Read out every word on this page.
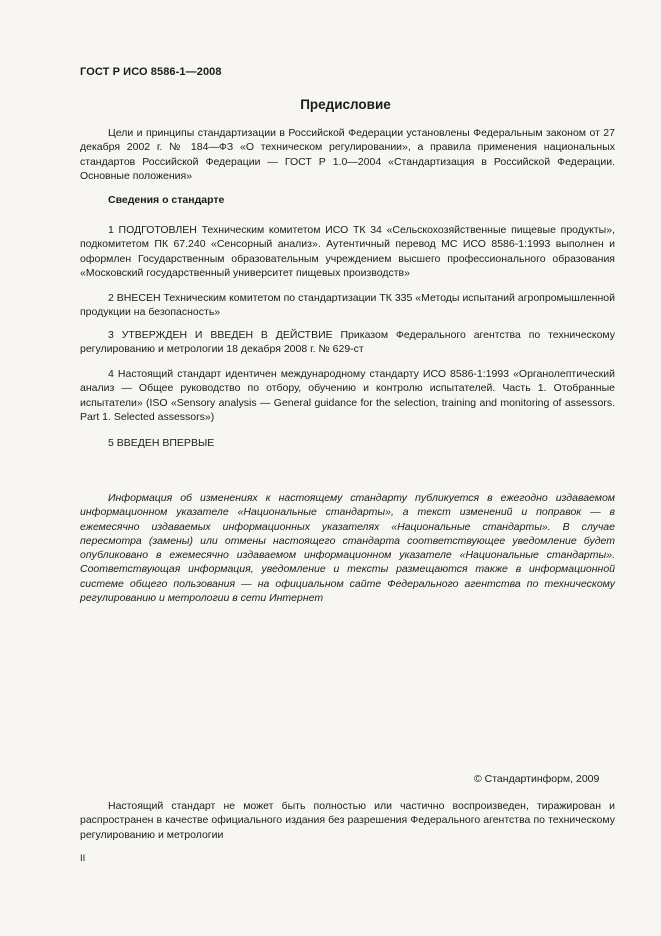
ГОСТ Р ИСО 8586-1—2008
Предисловие

Цели и принципы стандартизации в Российской Федерации установлены Федеральным законом от 27 декабря 2002 г. № 184—ФЗ «О техническом регулировании», а правила применения национальных стандартов Российской Федерации — ГОСТ Р 1.0—2004 «Стандартизация в Российской Федерации. Основные положения»

Сведения о стандарте

1 ПОДГОТОВЛЕН Техническим комитетом ИСО ТК 34 «Сельскохозяйственные пищевые продукты», подкомитетом ПК 67.240 «Сенсорный анализ». Аутентичный перевод МС ИСО 8586-1:1993 выполнен и оформлен Государственным образовательным учреждением высшего профессионального образования «Московский государственный университет пищевых производств»

2 ВНЕСЕН Техническим комитетом по стандартизации ТК 335 «Методы испытаний агропромышленной продукции на безопасность»

3 УТВЕРЖДЕН И ВВЕДЕН В ДЕЙСТВИЕ Приказом Федерального агентства по техническому регулированию и метрологии 18 декабря 2008 г. № 629-ст

4 Настоящий стандарт идентичен международному стандарту ИСО 8586-1:1993 «Органолептический анализ — Общее руководство по отбору, обучению и контролю испытателей. Часть 1. Отобранные испытатели» (ISO «Sensory analysis — General guidance for the selection, training and monitoring of assessors. Part 1. Selected assessors»)

5 ВВЕДЕН ВПЕРВЫЕ

Информация об изменениях к настоящему стандарту публикуется в ежегодно издаваемом информационном указателе «Национальные стандарты», а текст изменений и поправок — в ежемесячно издаваемых информационных указателях «Национальные стандарты». В случае пересмотра (замены) или отмены настоящего стандарта соответствующее уведомление будет опубликовано в ежемесячно издаваемом информационном указателе «Национальные стандарты». Соответствующая информация, уведомление и тексты размещаются также в информационной системе общего пользования — на официальном сайте Федерального агентства по техническому регулированию и метрологии в сети Интернет

© Стандартинформ, 2009

Настоящий стандарт не может быть полностью или частично воспроизведен, тиражирован и распространен в качестве официального издания без разрешения Федерального агентства по техническому регулированию и метрологии

II
